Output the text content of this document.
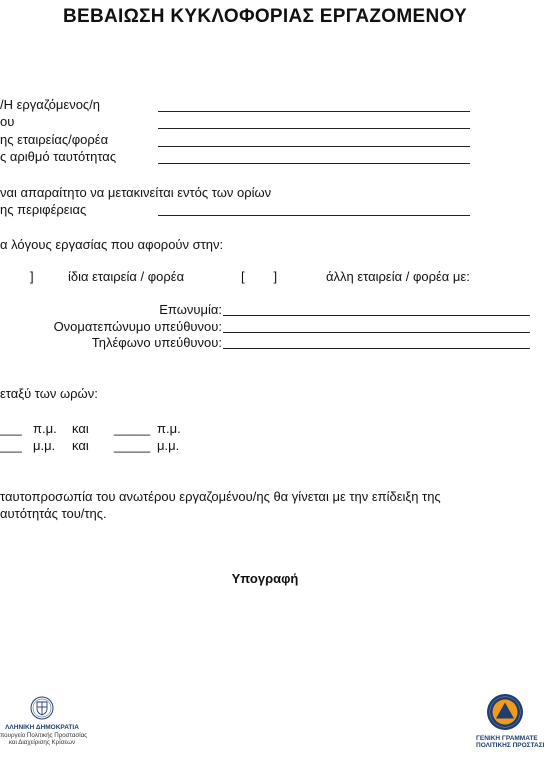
ΒΕΒΑΙΩΣΗ ΚΥΚΛΟΦΟΡΙΑΣ ΕΡΓΑΖΟΜΕΝΟΥ
/Η εργαζόμενος/η
ου
ης εταιρείας/φορέα
ς αριθμό ταυτότητας
ναι απαραίτητο να μετακινείται εντός των ορίων
ης περιφέρειας
α λόγους εργασίας που αφορούν στην:
]	ίδια εταιρεία / φορέα	[        ]	άλλη εταιρεία / φορέα με:
Επωνυμία:
Ονοματεπώνυμο υπεύθυνου:
Τηλέφωνο υπεύθυνου:
εταξύ των ωρών:
___ π.μ. και _____ π.μ.
___ μ.μ. και _____ μ.μ.
ταυτοπροσωπία του ανωτέρου εργαζομένου/ης θα γίνεται με την επίδειξη της
αυτότητάς του/της.
Υπογραφή
ΛΛΗΝΙΚΗ ΔΗΜΟΚΡΑΤΙΑ
πουργείο Πολιτικής Προστασίας
και Διαχείρισης Κρίσεων
ΓΕΝΙΚΗ ΓΡΑΜΜΑΤΕ
ΠΟΛΙΤΙΚΗΣ ΠΡΟΣΤΑΣΙ
